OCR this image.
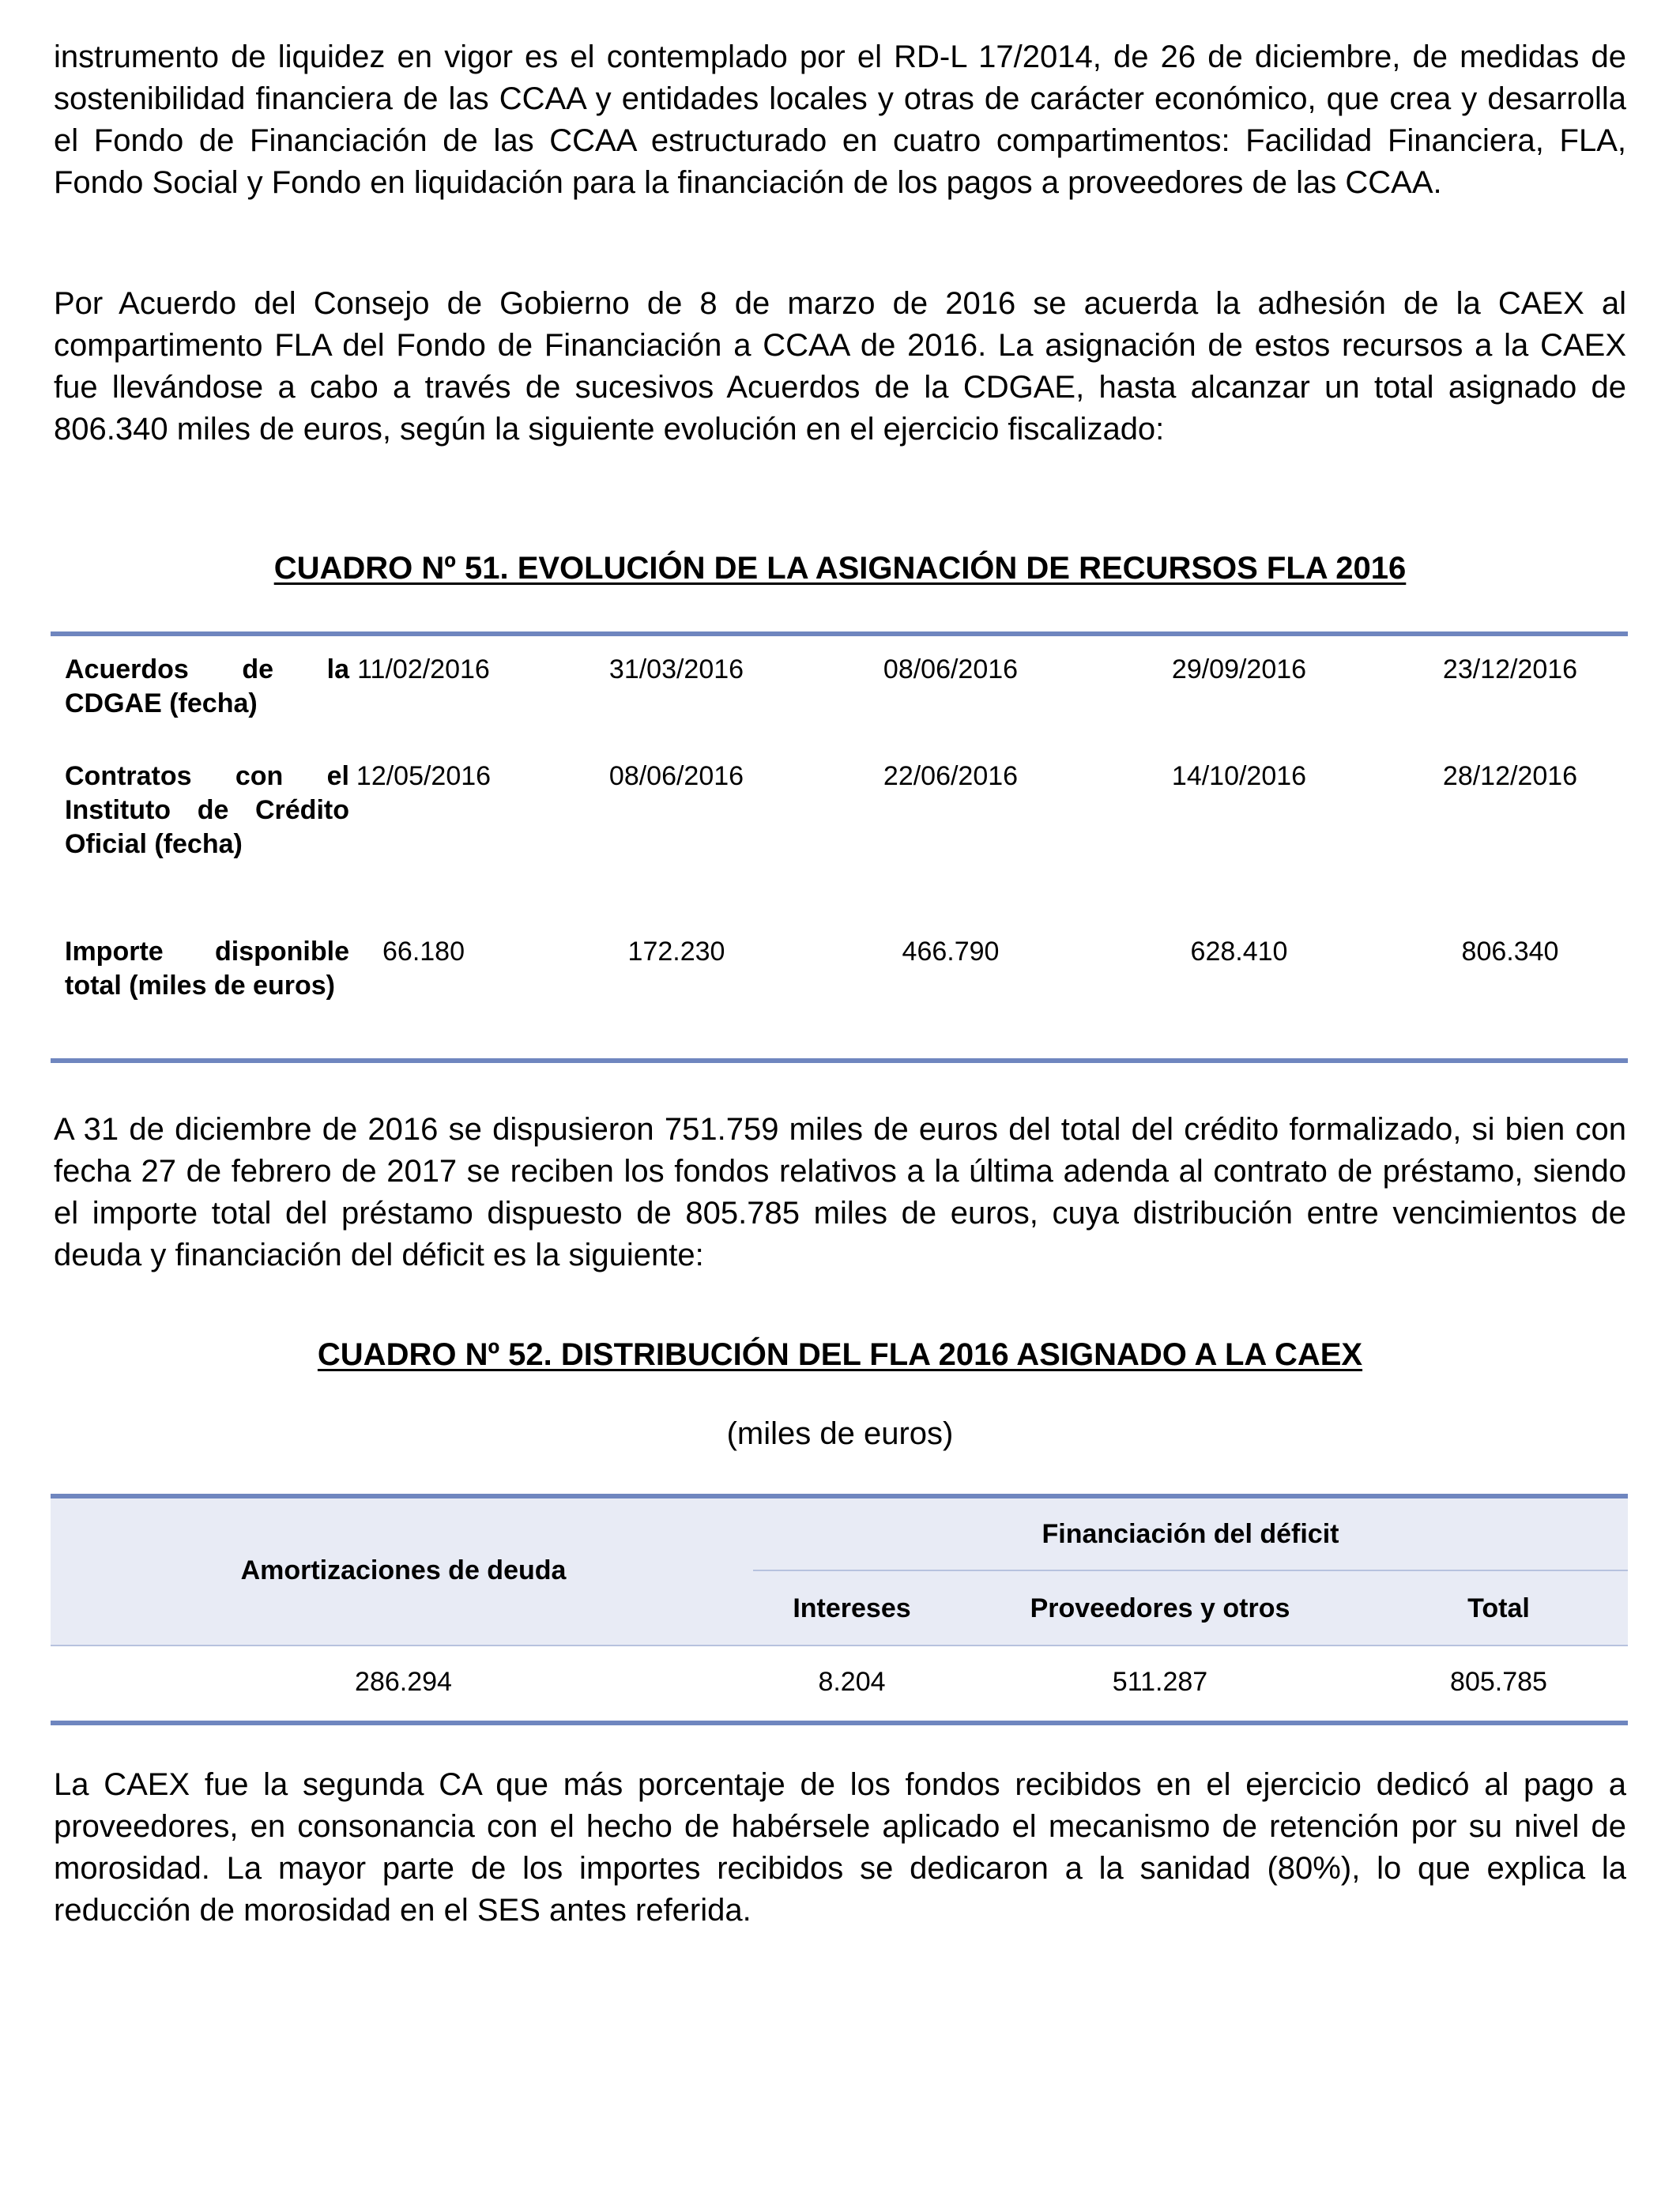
instrumento de liquidez en vigor es el contemplado por el RD-L 17/2014, de 26 de diciembre, de medidas de sostenibilidad financiera de las CCAA y entidades locales y otras de carácter económico, que crea y desarrolla el Fondo de Financiación de las CCAA estructurado en cuatro compartimentos: Facilidad Financiera, FLA, Fondo Social y Fondo en liquidación para la financiación de los pagos a proveedores de las CCAA.

Por Acuerdo del Consejo de Gobierno de 8 de marzo de 2016 se acuerda la adhesión de la CAEX al compartimento FLA del Fondo de Financiación a CCAA de 2016. La asignación de estos recursos a la CAEX fue llevándose a cabo a través de sucesivos Acuerdos de la CDGAE, hasta alcanzar un total asignado de 806.340 miles de euros, según la siguiente evolución en el ejercicio fiscalizado:

CUADRO Nº 51. EVOLUCIÓN DE LA ASIGNACIÓN DE RECURSOS FLA 2016
Acuerdos de la CDGAE (fecha)
11/02/2016	31/03/2016	08/06/2016	29/09/2016	23/12/2016
Contratos con el Instituto de Crédito Oficial (fecha)
12/05/2016	08/06/2016	22/06/2016	14/10/2016	28/12/2016
Importe disponible total (miles de euros)
66.180	172.230	466.790	628.410	806.340

A 31 de diciembre de 2016 se dispusieron 751.759 miles de euros del total del crédito formalizado, si bien con fecha 27 de febrero de 2017 se reciben los fondos relativos a la última adenda al contrato de préstamo, siendo el importe total del préstamo dispuesto de 805.785 miles de euros, cuya distribución entre vencimientos de deuda y financiación del déficit es la siguiente:

CUADRO Nº 52. DISTRIBUCIÓN DEL FLA 2016 ASIGNADO A LA CAEX
(miles de euros)
Amortizaciones de deuda
Financiación del déficit
Intereses	Proveedores y otros	Total
286.294	8.204	511.287	805.785

La CAEX fue la segunda CA que más porcentaje de los fondos recibidos en el ejercicio dedicó al pago a proveedores, en consonancia con el hecho de habérsele aplicado el mecanismo de retención por su nivel de morosidad. La mayor parte de los importes recibidos se dedicaron a la sanidad (80%), lo que explica la reducción de morosidad en el SES antes referida.
